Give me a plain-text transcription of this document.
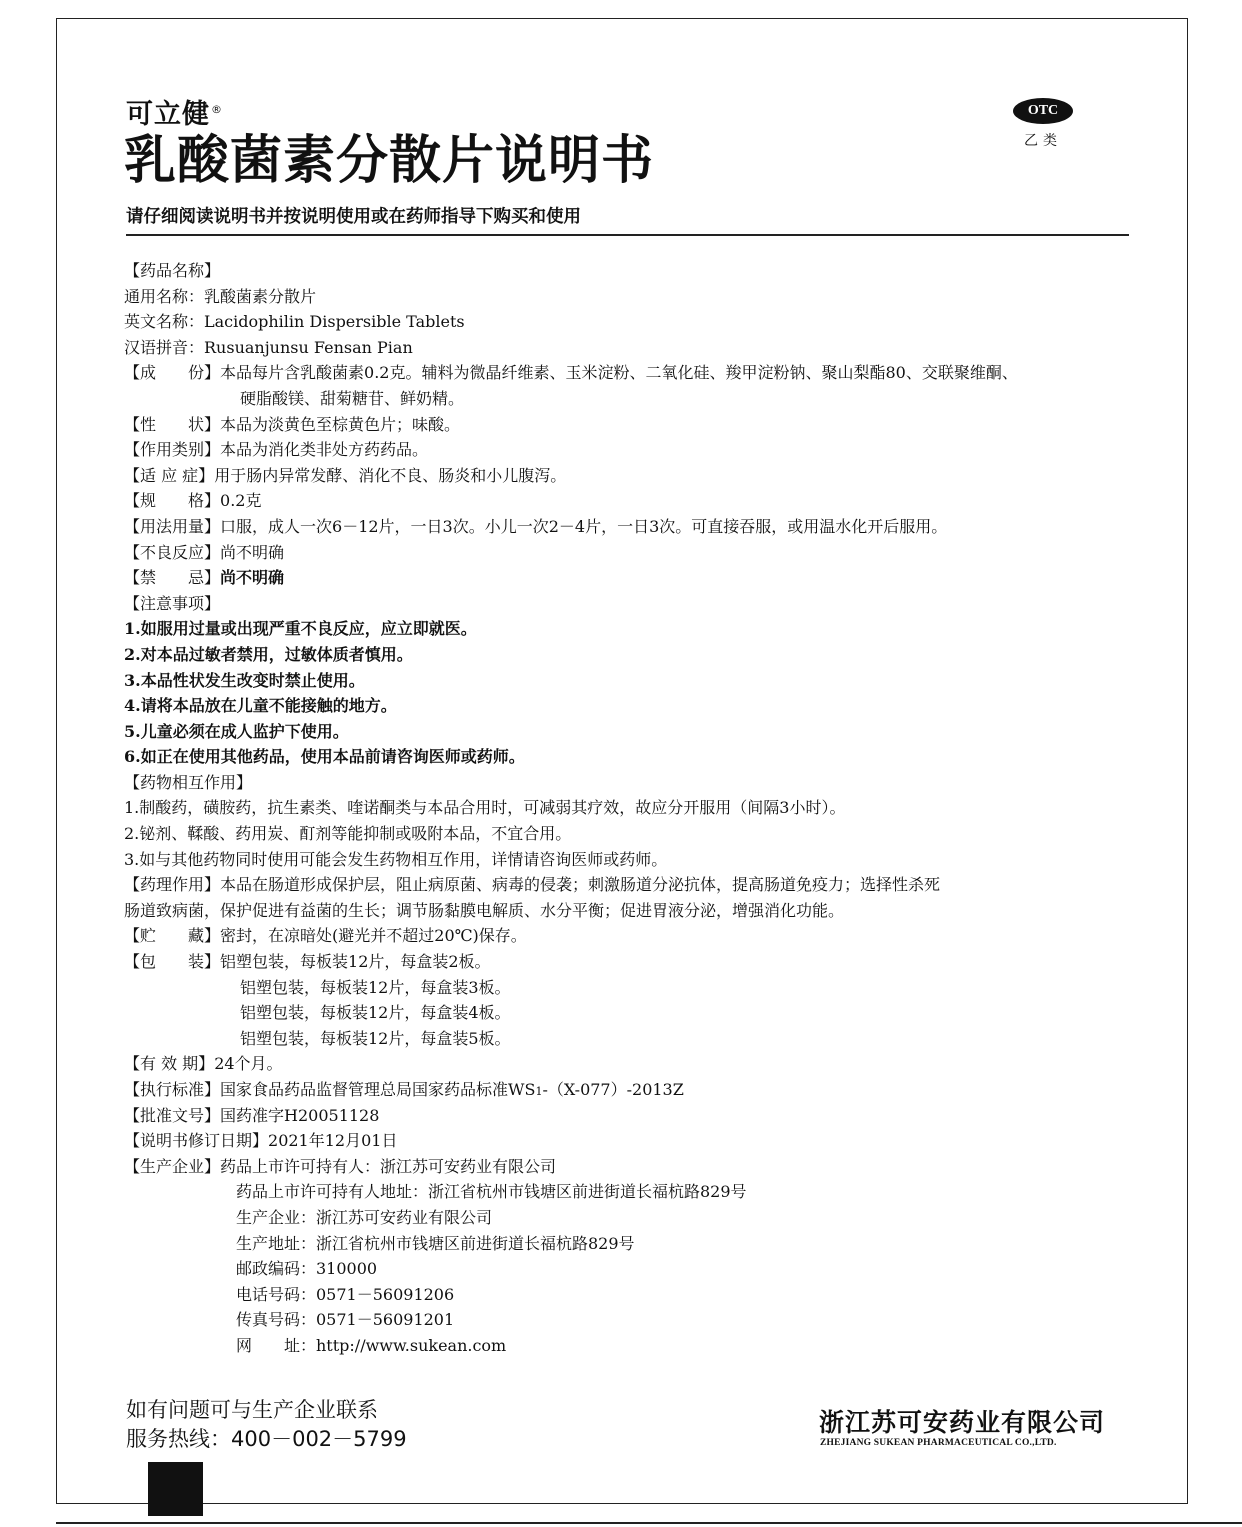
可立健®
乳酸菌素分散片说明书
请仔细阅读说明书并按说明使用或在药师指导下购买和使用
OTC
乙类
【药品名称】
通用名称：乳酸菌素分散片
英文名称：Lacidophilin Dispersible Tablets
汉语拼音：Rusuanjunsu Fensan Pian
【成　　份】 本品每片含乳酸菌素0.2克。辅料为微晶纤维素、玉米淀粉、二氧化硅、羧甲淀粉钠、聚山梨酯80、交联聚维酮、
硬脂酸镁、甜菊糖苷、鲜奶精。
【性　　状】 本品为淡黄色至棕黄色片；味酸。
【作用类别】 本品为消化类非处方药药品。
【适 应 症】 用于肠内异常发酵、消化不良、肠炎和小儿腹泻。
【规　　格】 0.2克
【用法用量】 口服，成人一次6－12片，一日3次。小儿一次2－4片，一日3次。可直接吞服，或用温水化开后服用。
【不良反应】 尚不明确
【禁　　忌】 尚不明确
【注意事项】
1.如服用过量或出现严重不良反应，应立即就医。
2.对本品过敏者禁用，过敏体质者慎用。
3.本品性状发生改变时禁止使用。
4.请将本品放在儿童不能接触的地方。
5.儿童必须在成人监护下使用。
6.如正在使用其他药品，使用本品前请咨询医师或药师。
【药物相互作用】
1.制酸药，磺胺药，抗生素类、喹诺酮类与本品合用时，可减弱其疗效，故应分开服用（间隔3小时）。
2.铋剂、鞣酸、药用炭、酊剂等能抑制或吸附本品，不宜合用。
3.如与其他药物同时使用可能会发生药物相互作用，详情请咨询医师或药师。
【药理作用】 本品在肠道形成保护层，阻止病原菌、病毒的侵袭；刺激肠道分泌抗体，提高肠道免疫力；选择性杀死
肠道致病菌，保护促进有益菌的生长；调节肠黏膜电解质、水分平衡；促进胃液分泌，增强消化功能。
【贮　　藏】 密封，在凉暗处(避光并不超过20℃)保存。
【包　　装】 铝塑包装，每板装12片，每盒装2板。
铝塑包装，每板装12片，每盒装3板。
铝塑包装，每板装12片，每盒装4板。
铝塑包装，每板装12片，每盒装5板。
【有 效 期】 24个月。
【执行标准】 国家食品药品监督管理总局国家药品标准WS1-（X-077）-2013Z
【批准文号】 国药准字H20051128
【说明书修订日期】 2021年12月01日
【生产企业】 药品上市许可持有人：浙江苏可安药业有限公司
药品上市许可持有人地址：浙江省杭州市钱塘区前进街道长福杭路829号
生产企业：浙江苏可安药业有限公司
生产地址：浙江省杭州市钱塘区前进街道长福杭路829号
邮政编码：310000
电话号码：0571－56091206
传真号码：0571－56091201
网　　址：http://www.sukean.com
如有问题可与生产企业联系
服务热线：400－002－5799
浙江苏可安药业有限公司
ZHEJIANG SUKEAN PHARMACEUTICAL CO.,LTD.
